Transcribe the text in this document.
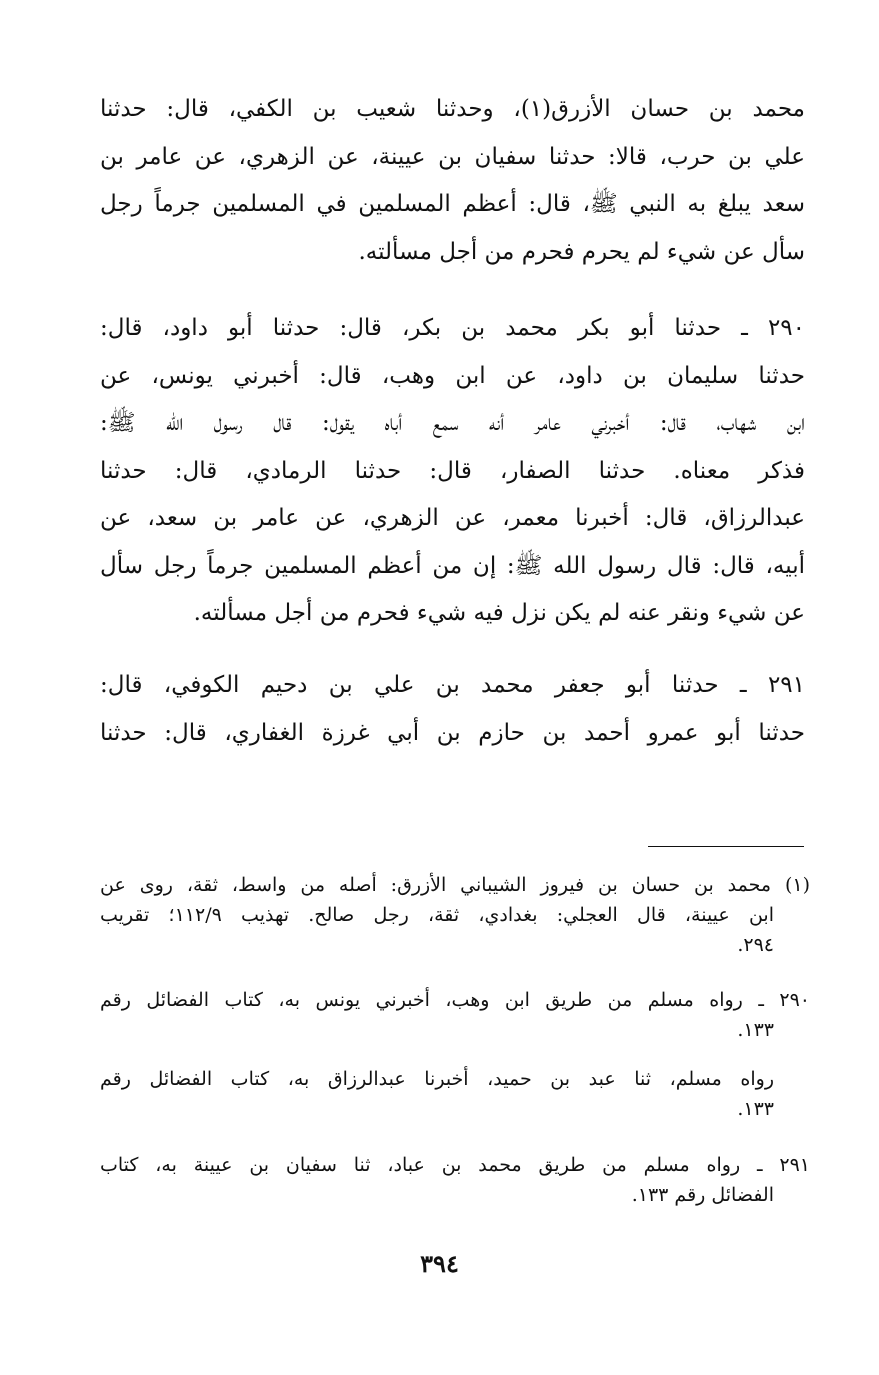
محمد بن حسان الأزرق(١)، وحدثنا شعيب بن الكفي، قال: حدثنا
علي بن حرب، قالا: حدثنا سفيان بن عيينة، عن الزهري، عن عامر بن
سعد يبلغ به النبي ﷺ، قال: أعظم المسلمين في المسلمين جرماً رجل
سأل عن شيء لم يحرم فحرم من أجل مسألته.
٢٩٠ ـ حدثنا أبو بكر محمد بن بكر، قال: حدثنا أبو داود، قال:
حدثنا سليمان بن داود، عن ابن وهب، قال: أخبرني يونس، عن
ابن شهاب، قال: أخبرني عامر أنه سمع أباه يقول: قال رسول الله ﷺ:
فذكر معناه. حدثنا الصفار، قال: حدثنا الرمادي، قال: حدثنا
عبدالرزاق، قال: أخبرنا معمر، عن الزهري، عن عامر بن سعد، عن
أبيه، قال: قال رسول الله ﷺ: إن من أعظم المسلمين جرماً رجل سأل
عن شيء ونقر عنه لم يكن نزل فيه شيء فحرم من أجل مسألته.
٢٩١ ـ حدثنا أبو جعفر محمد بن علي بن دحيم الكوفي، قال:
حدثنا أبو عمرو أحمد بن حازم بن أبي غرزة الغفاري، قال: حدثنا
(١) محمد بن حسان بن فيروز الشيباني الأزرق: أصله من واسط، ثقة، روى عن
ابن عيينة، قال العجلي: بغدادي، ثقة، رجل صالح. تهذيب ١١٢/٩؛ تقريب
٢٩٤.
٢٩٠ ـ رواه مسلم من طريق ابن وهب، أخبرني يونس به، كتاب الفضائل رقم
١٣٣.
رواه مسلم، ثنا عبد بن حميد، أخبرنا عبدالرزاق به، كتاب الفضائل رقم
١٣٣.
٢٩١ ـ رواه مسلم من طريق محمد بن عباد، ثنا سفيان بن عيينة به، كتاب
الفضائل رقم ١٣٣.
٣٩٤
